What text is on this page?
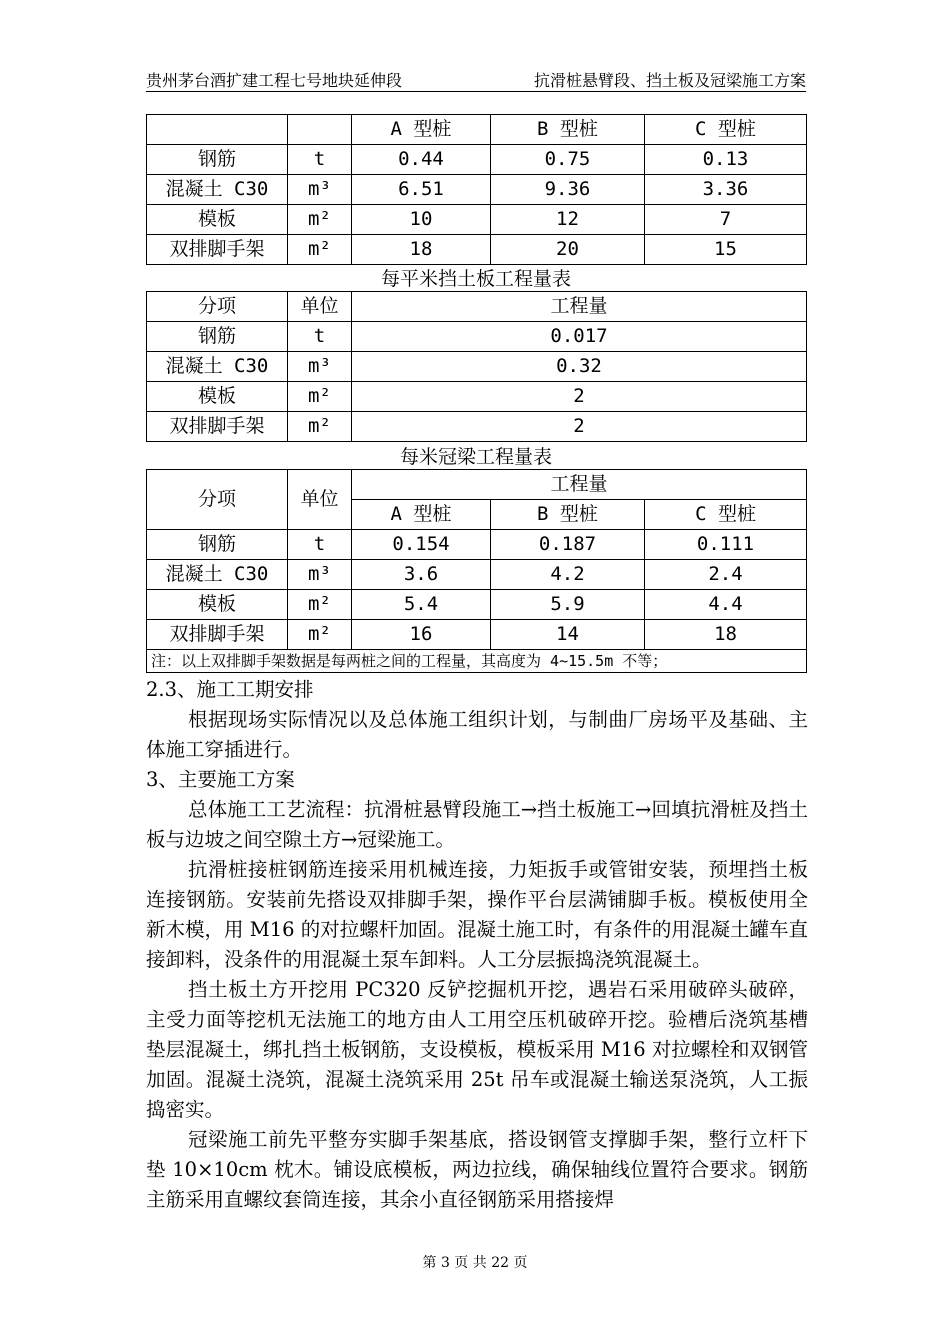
贵州茅台酒扩建工程七号地块延伸段	抗滑桩悬臂段、挡土板及冠梁施工方案
		A 型桩	B 型桩	C 型桩
钢筋	t	0.44	0.75	0.13
混凝土 C30	m³	6.51	9.36	3.36
模板	m²	10	12	7
双排脚手架	m²	18	20	15
每平米挡土板工程量表
分项	单位	工程量
钢筋	t	0.017
混凝土 C30	m³	0.32
模板	m²	2
双排脚手架	m²	2
每米冠梁工程量表
分项	单位	工程量		
		A 型桩	B 型桩	C 型桩
钢筋	t	0.154	0.187	0.111
混凝土 C30	m³	3.6	4.2	2.4
模板	m²	5.4	5.9	4.4
双排脚手架	m²	16	14	18
注：以上双排脚手架数据是每两桩之间的工程量，其高度为 4~15.5m 不等；				

2.3、施工工期安排

根据现场实际情况以及总体施工组织计划，与制曲厂房场平及基础、主体施工穿插进行。

3、主要施工方案

总体施工工艺流程：抗滑桩悬臂段施工→挡土板施工→回填抗滑桩及挡土板与边坡之间空隙土方→冠梁施工。

抗滑桩接桩钢筋连接采用机械连接，力矩扳手或管钳安装，预埋挡土板连接钢筋。安装前先搭设双排脚手架，操作平台层满铺脚手板。模板使用全新木模，用 M16 的对拉螺杆加固。混凝土施工时，有条件的用混凝土罐车直接卸料，没条件的用混凝土泵车卸料。人工分层振捣浇筑混凝土。

挡土板土方开挖用 PC320 反铲挖掘机开挖，遇岩石采用破碎头破碎，主受力面等挖机无法施工的地方由人工用空压机破碎开挖。验槽后浇筑基槽垫层混凝土，绑扎挡土板钢筋，支设模板，模板采用 M16 对拉螺栓和双钢管加固。混凝土浇筑，混凝土浇筑采用 25t 吊车或混凝土输送泵浇筑，人工振捣密实。

冠梁施工前先平整夯实脚手架基底，搭设钢管支撑脚手架，整行立杆下垫 10×10cm 枕木。铺设底模板，两边拉线，确保轴线位置符合要求。钢筋主筋采用直螺纹套筒连接，其余小直径钢筋采用搭接焊

第 3 页 共 22 页
